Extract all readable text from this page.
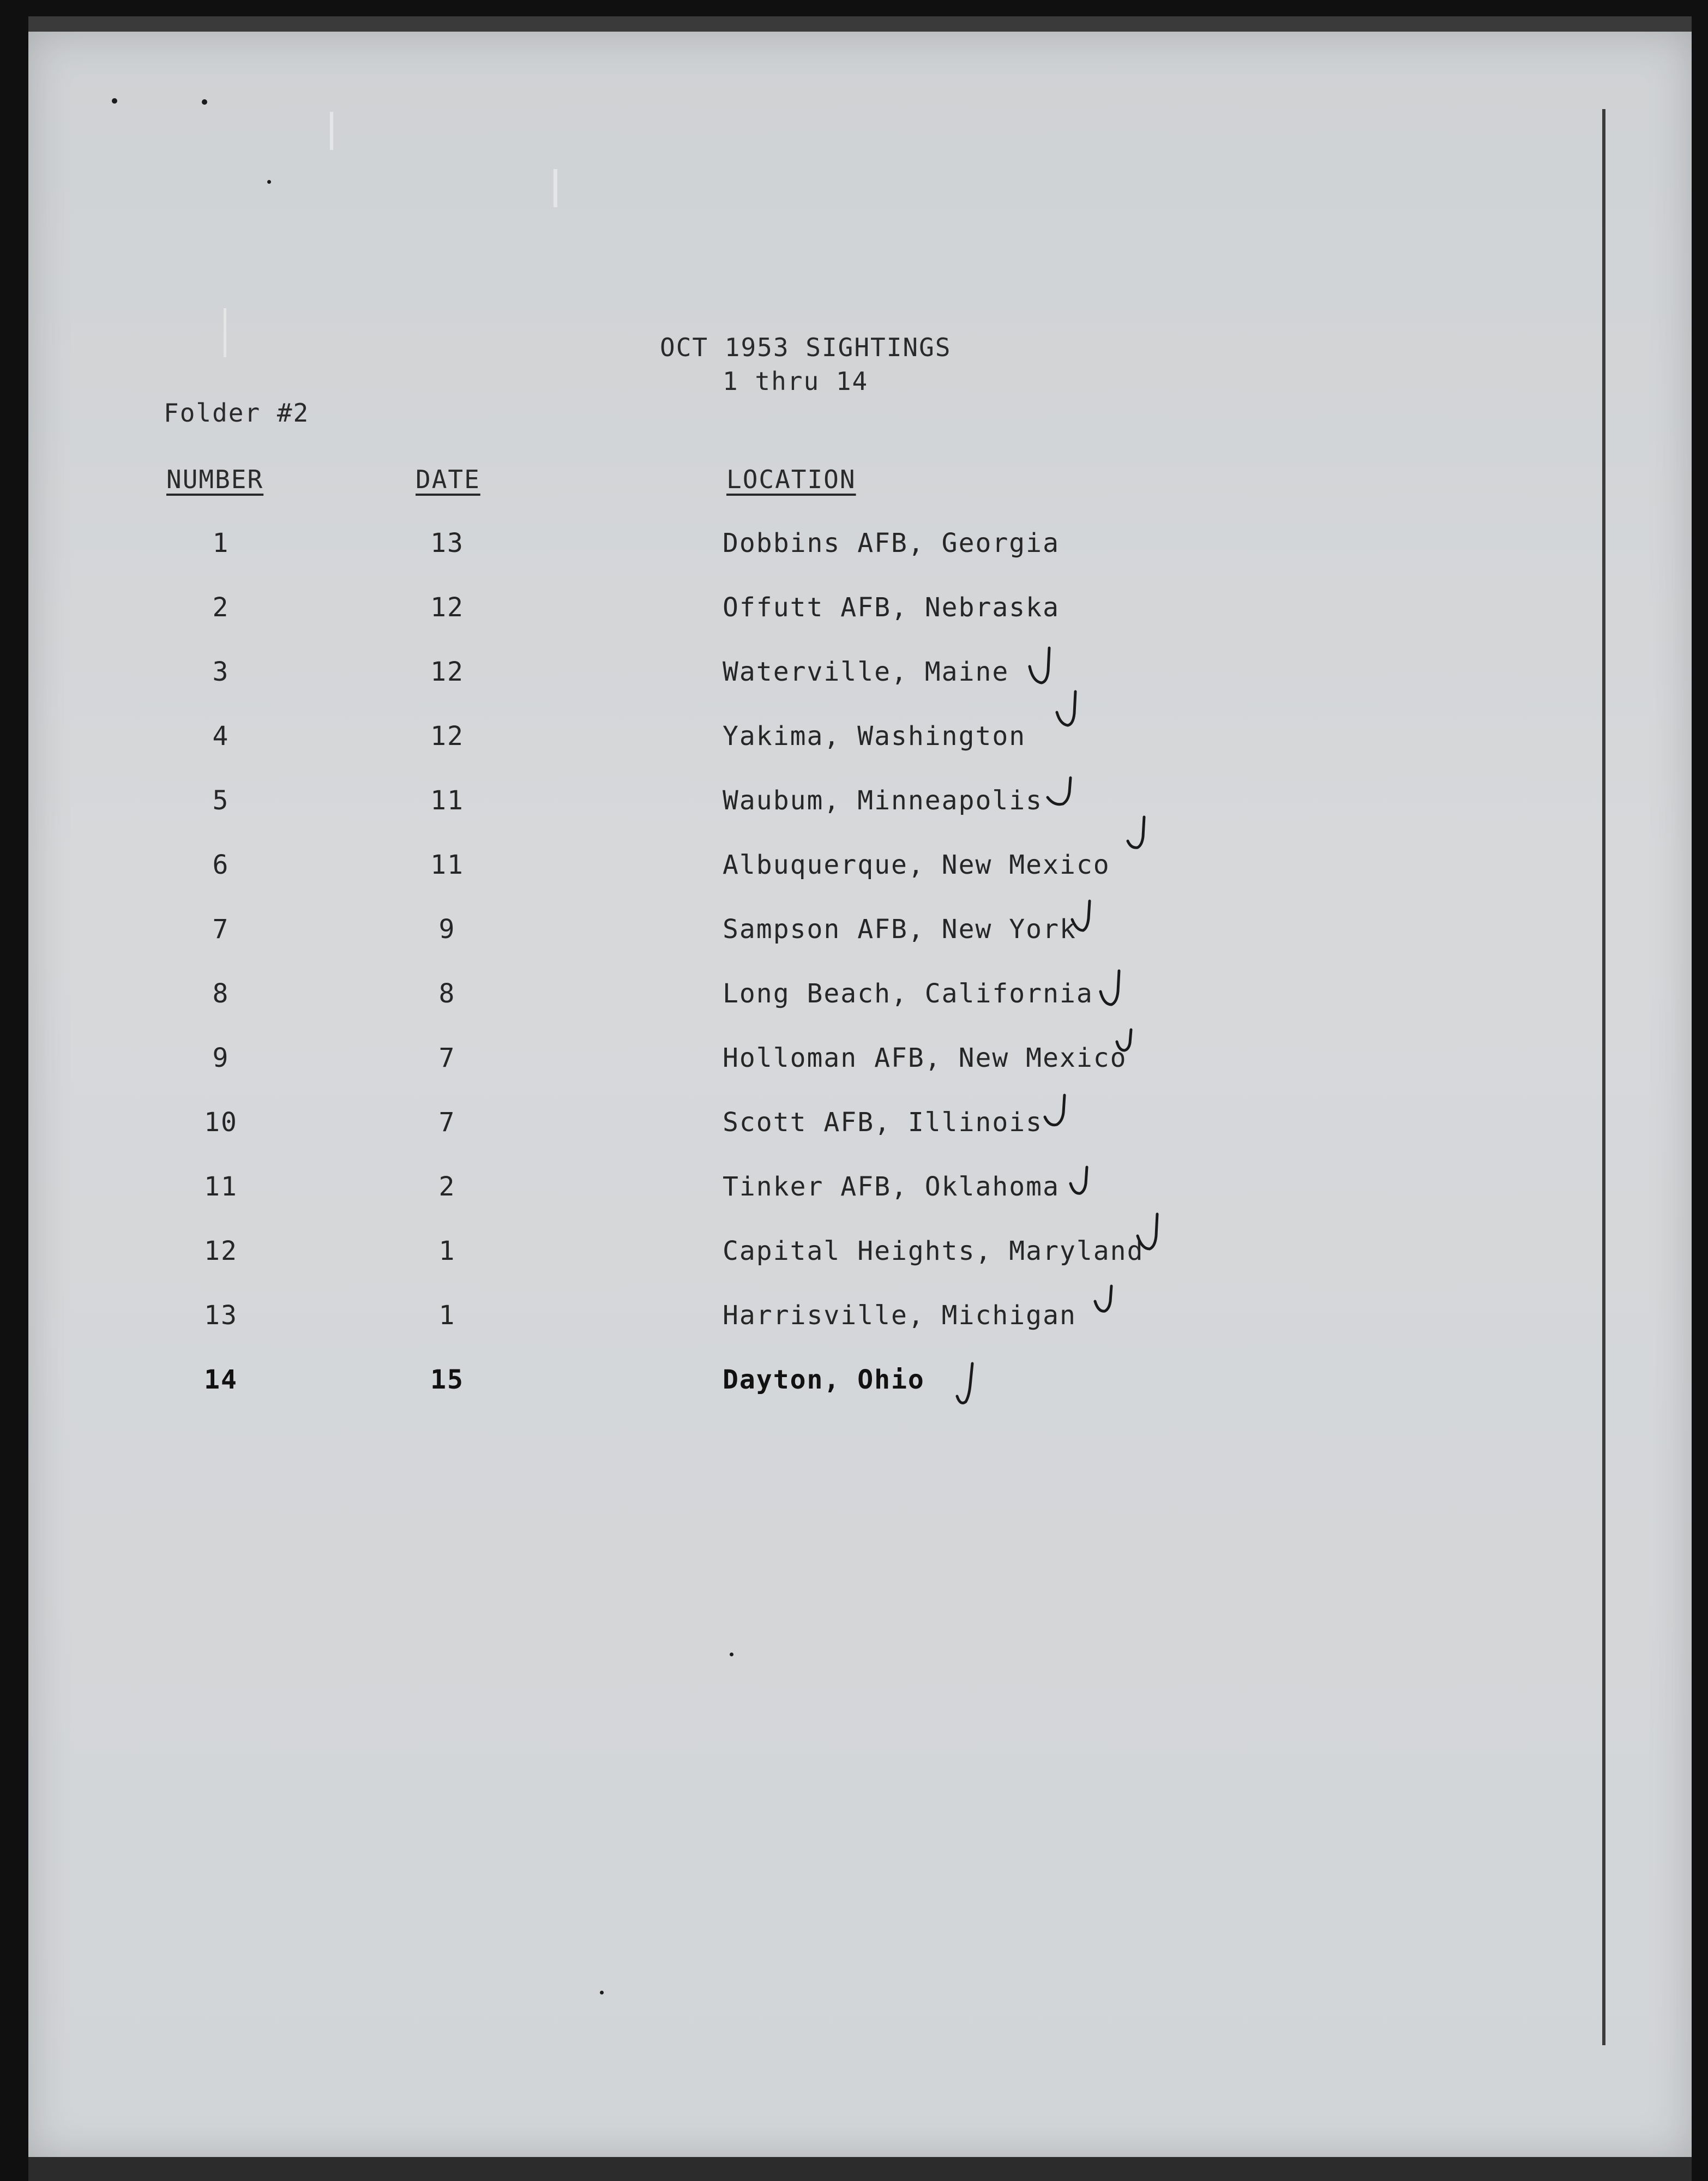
OCT 1953 SIGHTINGS
1 thru 14
Folder #2
NUMBER	DATE	LOCATION
1	13	Dobbins AFB, Georgia
2	12	Offutt AFB, Nebraska
3	12	Waterville, Maine
4	12	Yakima, Washington
5	11	Waubum, Minneapolis
6	11	Albuquerque, New Mexico
7	9	Sampson AFB, New York
8	8	Long Beach, California
9	7	Holloman AFB, New Mexico
10	7	Scott AFB, Illinois
11	2	Tinker AFB, Oklahoma
12	1	Capital Heights, Maryland
13	1	Harrisville, Michigan
14	15	Dayton, Ohio
